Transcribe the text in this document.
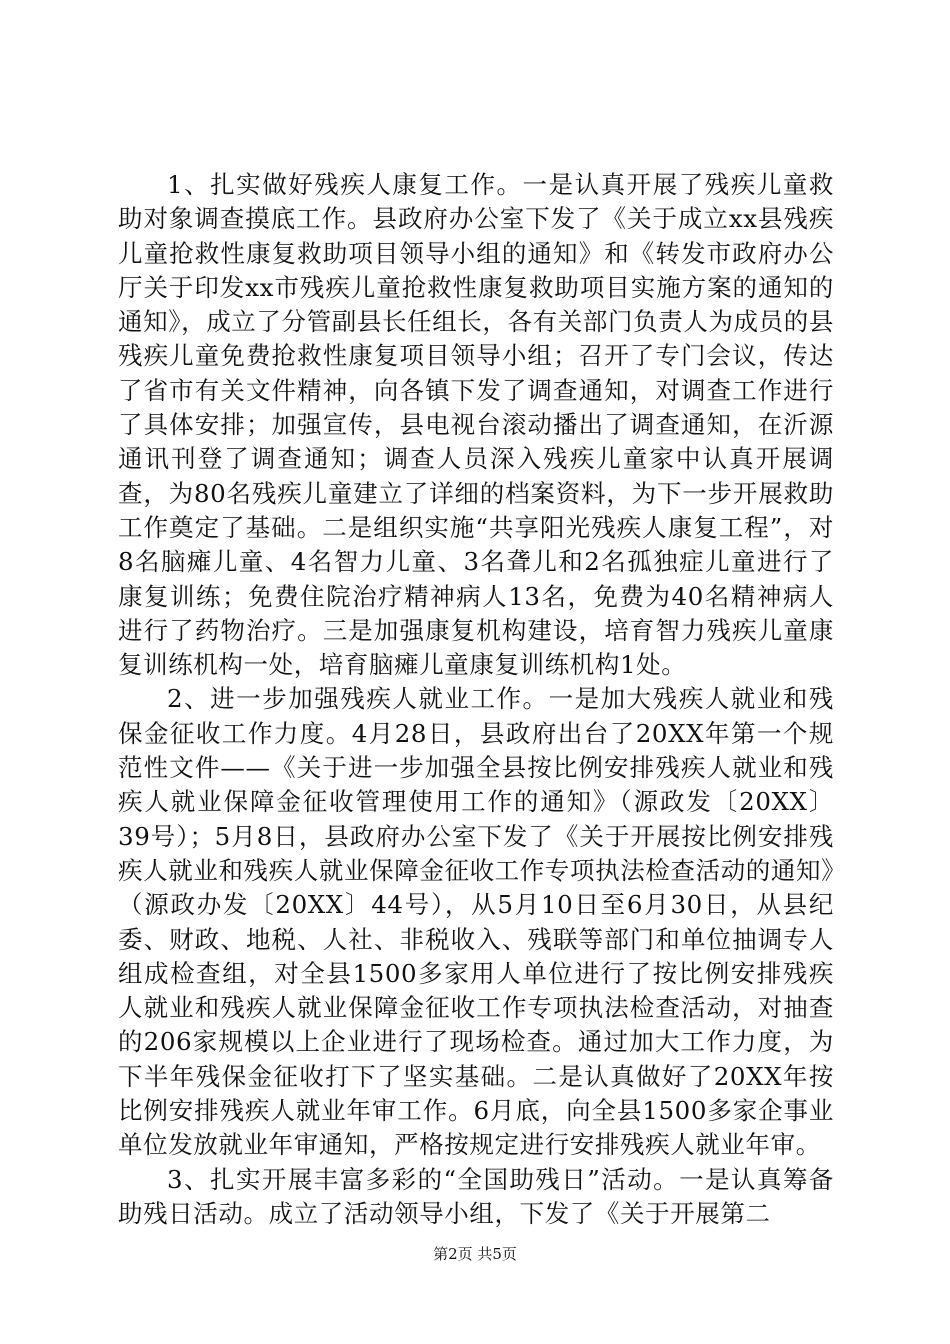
1、扎实做好残疾人康复工作。一是认真开展了残疾儿童救助对象调查摸底工作。县政府办公室下发了《关于成立xx县残疾儿童抢救性康复救助项目领导小组的通知》和《转发市政府办公厅关于印发xx市残疾儿童抢救性康复救助项目实施方案的通知的通知》，成立了分管副县长任组长，各有关部门负责人为成员的县残疾儿童免费抢救性康复项目领导小组；召开了专门会议，传达了省市有关文件精神，向各镇下发了调查通知，对调查工作进行了具体安排；加强宣传，县电视台滚动播出了调查通知，在沂源通讯刊登了调查通知；调查人员深入残疾儿童家中认真开展调查，为80名残疾儿童建立了详细的档案资料，为下一步开展救助工作奠定了基础。二是组织实施“共享阳光残疾人康复工程”，对8名脑瘫儿童、4名智力儿童、3名聋儿和2名孤独症儿童进行了康复训练；免费住院治疗精神病人13名，免费为40名精神病人进行了药物治疗。三是加强康复机构建设，培育智力残疾儿童康复训练机构一处，培育脑瘫儿童康复训练机构1处。

2、进一步加强残疾人就业工作。一是加大残疾人就业和残保金征收工作力度。4月28日，县政府出台了20XX年第一个规范性文件——《关于进一步加强全县按比例安排残疾人就业和残疾人就业保障金征收管理使用工作的通知》（源政发〔20XX〕39号）；5月8日，县政府办公室下发了《关于开展按比例安排残疾人就业和残疾人就业保障金征收工作专项执法检查活动的通知》（源政办发〔20XX〕44号），从5月10日至6月30日，从县纪委、财政、地税、人社、非税收入、残联等部门和单位抽调专人组成检查组，对全县1500多家用人单位进行了按比例安排残疾人就业和残疾人就业保障金征收工作专项执法检查活动，对抽查的206家规模以上企业进行了现场检查。通过加大工作力度，为下半年残保金征收打下了坚实基础。二是认真做好了20XX年按比例安排残疾人就业年审工作。6月底，向全县1500多家企事业单位发放就业年审通知，严格按规定进行安排残疾人就业年审。

3、扎实开展丰富多彩的“全国助残日”活动。一是认真筹备助残日活动。成立了活动领导小组，下发了《关于开展第二

第2页 共5页
